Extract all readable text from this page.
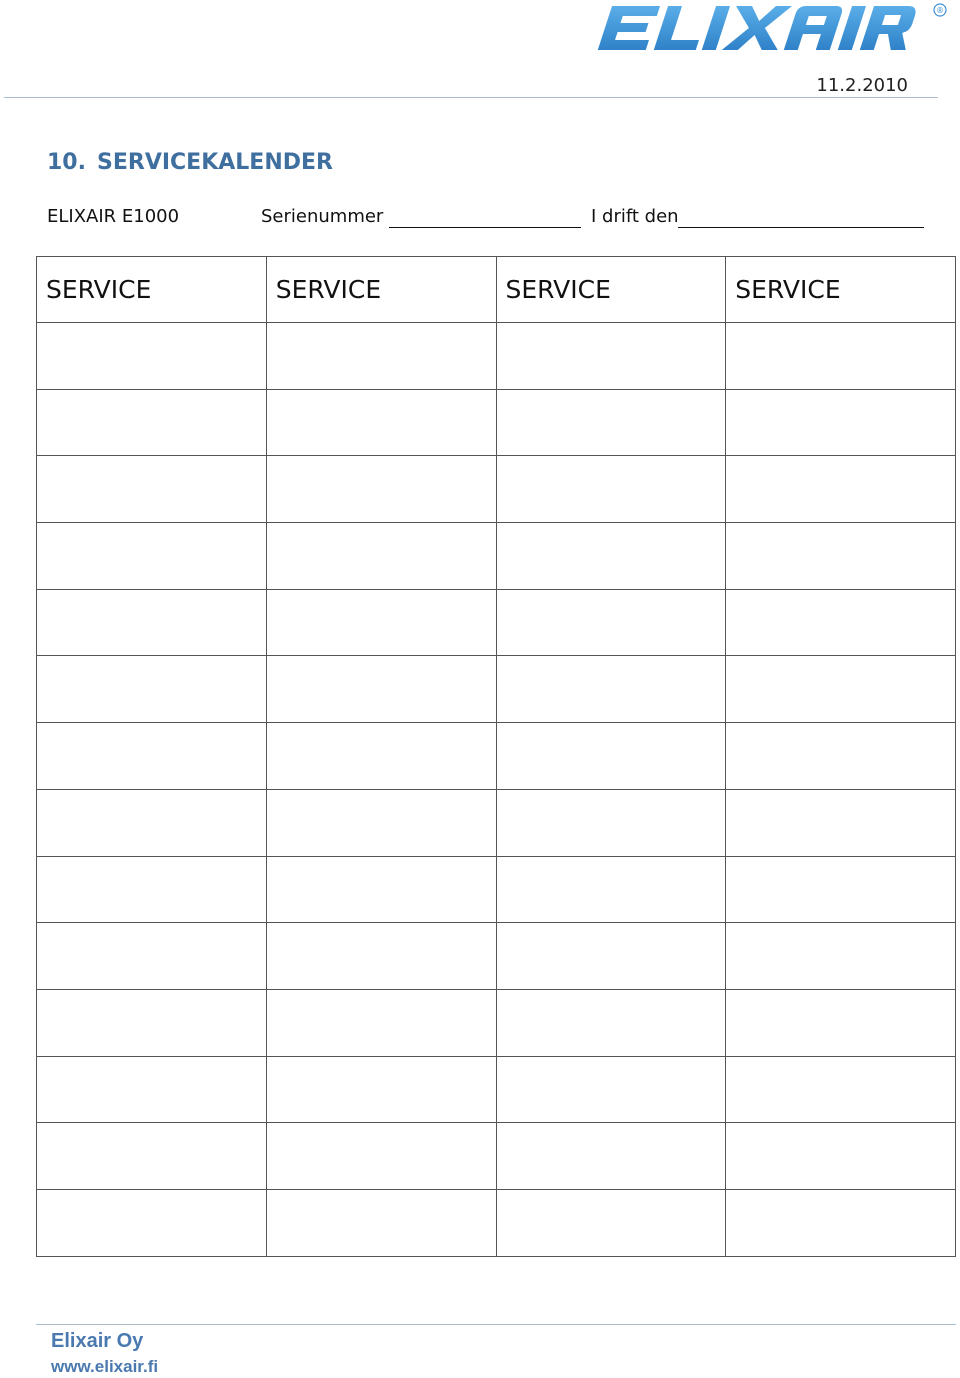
®
11.2.2010
10. SERVICEKALENDER
ELIXAIR E1000	Serienummer	I drift den
SERVICE	SERVICE	SERVICE	SERVICE

Elixair Oy
www.elixair.fi
